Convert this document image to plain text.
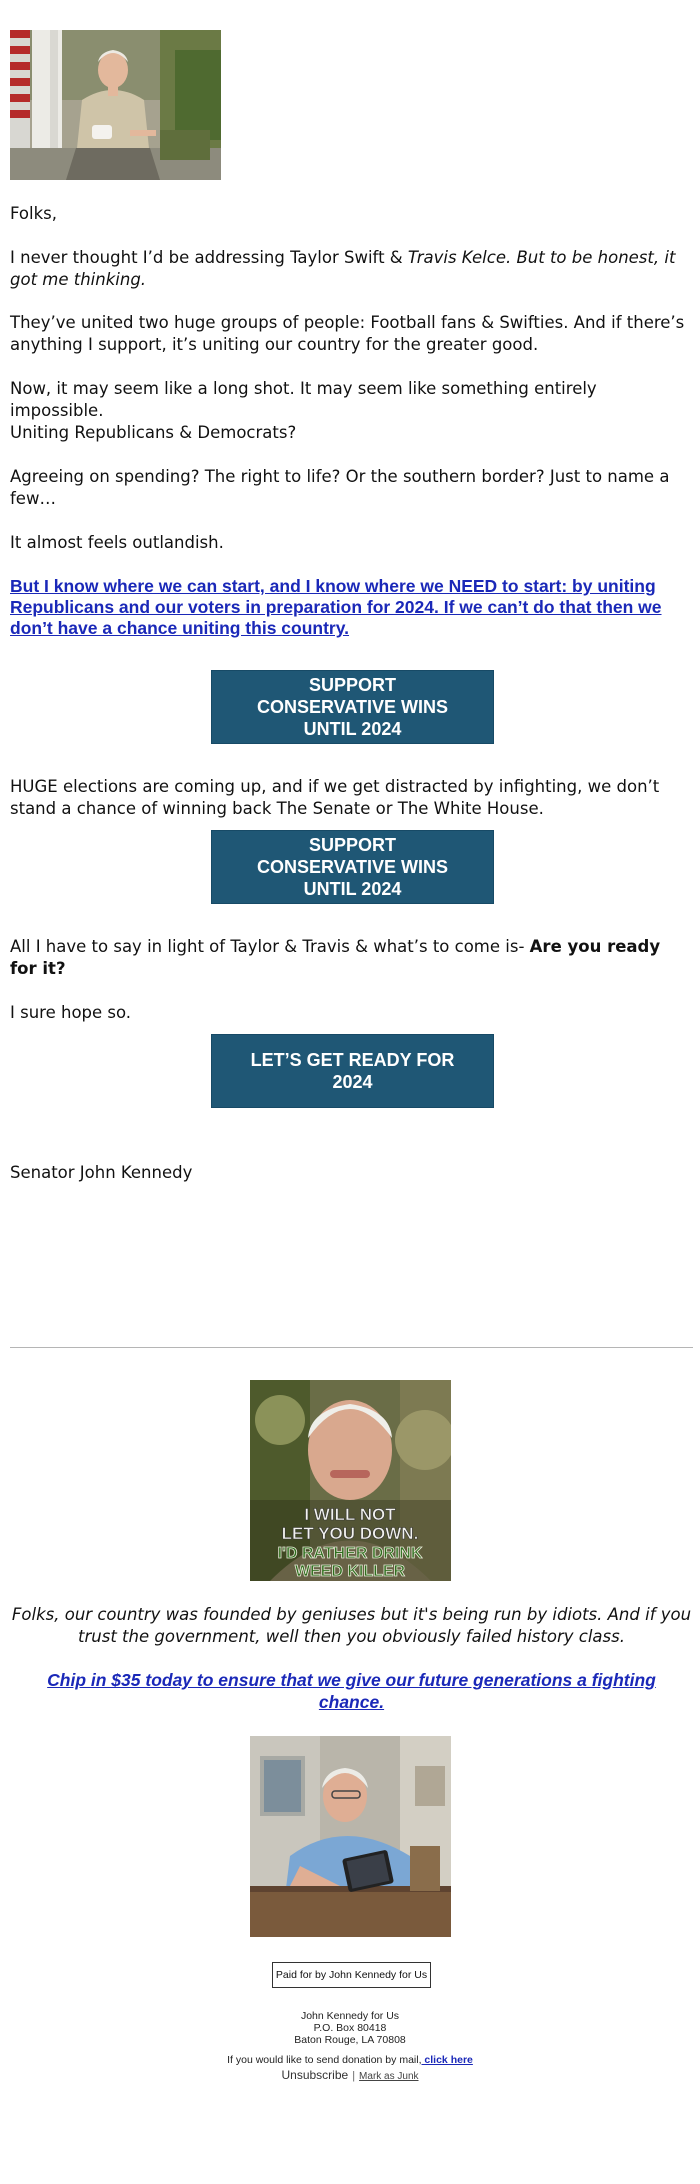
Folks,

I never thought I’d be addressing Taylor Swift & Travis Kelce. But to be honest, it got me thinking.

They’ve united two huge groups of people: Football fans & Swifties. And if there’s anything I support, it’s uniting our country for the greater good.

Now, it may seem like a long shot. It may seem like something entirely impossible.

Uniting Republicans & Democrats?

Agreeing on spending? The right to life? Or the southern border? Just to name a few…

It almost feels outlandish.

But I know where we can start, and I know where we NEED to start: by uniting Republicans and our voters in preparation for 2024. If we can’t do that then we don’t have a chance uniting this country.

SUPPORT CONSERVATIVE WINS UNTIL 2024

HUGE elections are coming up, and if we get distracted by infighting, we don’t stand a chance of winning back The Senate or The White House.

SUPPORT CONSERVATIVE WINS UNTIL 2024

All I have to say in light of Taylor & Travis & what’s to come is- Are you ready for it?

I sure hope so.

LET’S GET READY FOR 2024

Senator John Kennedy

I WILL NOT
LET YOU DOWN.
I'D RATHER DRINK
WEED KILLER

Folks, our country was founded by geniuses but it's being run by idiots. And if you trust the government, well then you obviously failed history class.

Chip in $35 today to ensure that we give our future generations a fighting chance.

Paid for by John Kennedy for Us

John Kennedy for Us

P.O. Box 80418

Baton Rouge, LA 70808

If you would like to send donation by mail, click here
Unsubscribe | Mark as Junk
